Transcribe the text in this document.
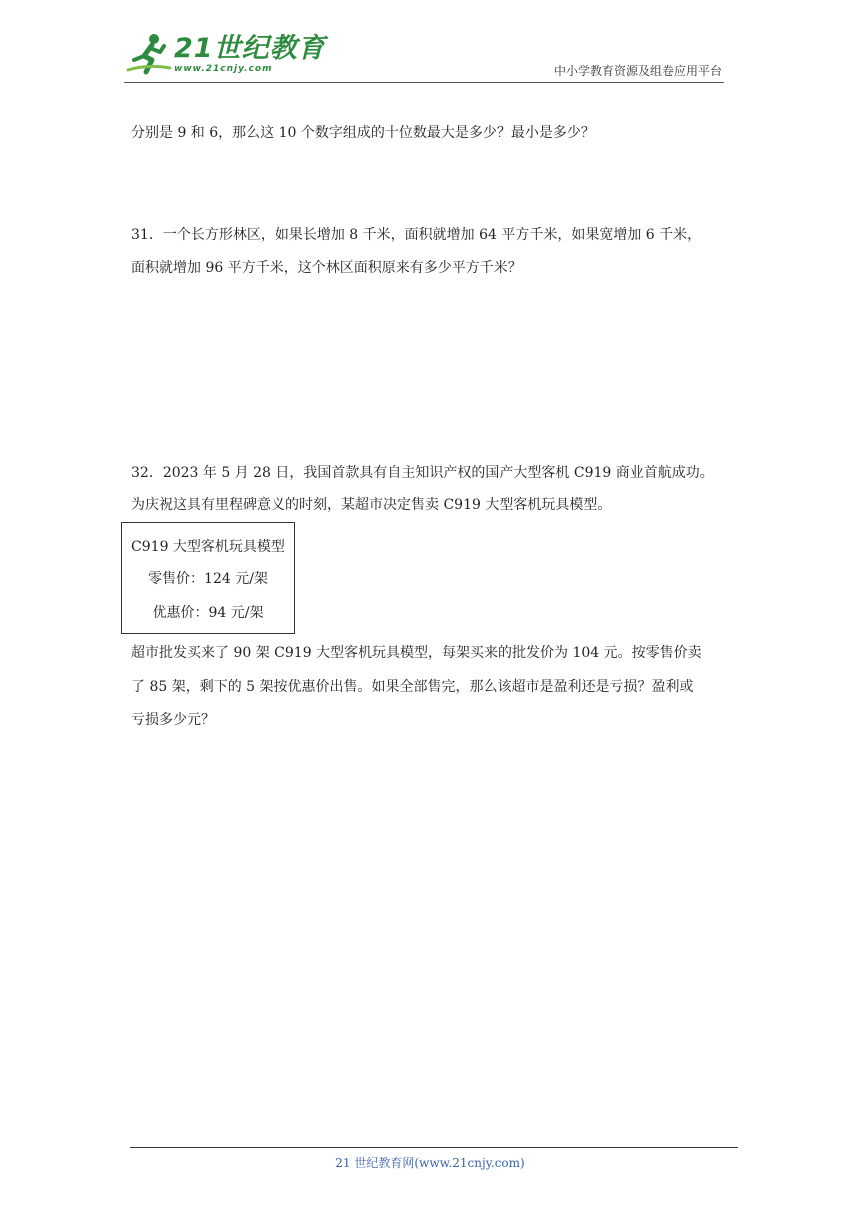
21世纪教育
www.21cnjy.com	中小学教育资源及组卷应用平台
分别是 9 和 6，那么这 10 个数字组成的十位数最大是多少？最小是多少？
31．一个长方形林区，如果长增加 8 千米，面积就增加 64 平方千米，如果宽增加 6 千米，
面积就增加 96 平方千米，这个林区面积原来有多少平方千米？
32．2023 年 5 月 28 日，我国首款具有自主知识产权的国产大型客机 C919 商业首航成功。
为庆祝这具有里程碑意义的时刻，某超市决定售卖 C919 大型客机玩具模型。
C919 大型客机玩具模型
零售价：124 元/架
优惠价：94 元/架
超市批发买来了 90 架 C919 大型客机玩具模型，每架买来的批发价为 104 元。按零售价卖
了 85 架，剩下的 5 架按优惠价出售。如果全部售完，那么该超市是盈利还是亏损？盈利或
亏损多少元？
21 世纪教育网(www.21cnjy.com)
